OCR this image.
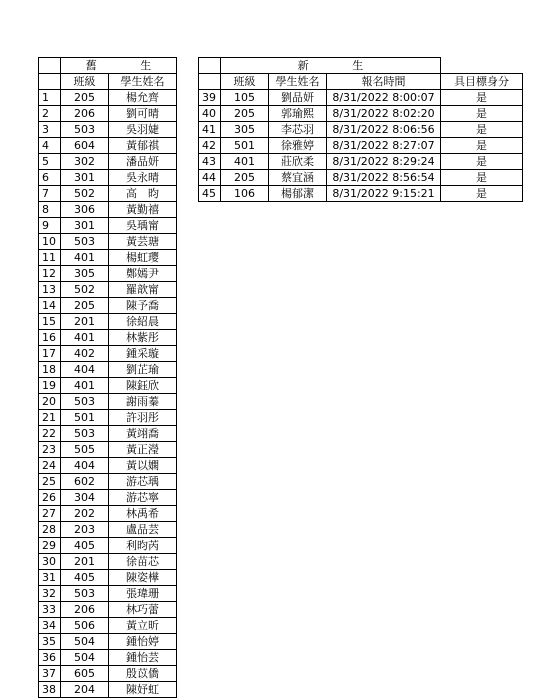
	舊 生	
	班級	學生姓名
1	205	楊允齊
2	206	劉可晴
3	503	吳羽婕
4	604	黃郁祺
5	302	潘品妍
6	301	吳永晴
7	502	高　昀
8	306	黃勤禧
9	301	吳瑀甯
10	503	黃芸瑭
11	401	楊虹璎
12	305	鄭嫣尹
13	502	羅歆甯
14	205	陳予喬
15	201	徐紹晨
16	401	林紫彤
17	402	鍾采璇
18	404	劉芷瑜
19	401	陳鈺欣
20	503	謝雨蓁
21	501	許羽彤
22	503	黃翊喬
23	505	黃正瀅
24	404	黃以嫻
25	602	游芯瑀
26	304	游芯寧
27	202	林禹希
28	203	盧品芸
29	405	利昀芮
30	201	徐苗芯
31	405	陳姿樺
32	503	張瑋珊
33	206	林巧蕾
34	506	黃立昕
35	504	鍾怡婷
36	504	鍾怡芸
37	605	殷苡僑
38	204	陳妤虹
	新 生			
	班級	學生姓名	報名時間	具目標身分
39	105	劉品妍	8/31/2022 8:00:07	是
40	205	郭瑜熙	8/31/2022 8:02:20	是
41	305	李芯羽	8/31/2022 8:06:56	是
42	501	徐雅婷	8/31/2022 8:27:07	是
43	401	莊欣柔	8/31/2022 8:29:24	是
44	205	蔡宜涵	8/31/2022 8:56:54	是
45	106	楊郁潔	8/31/2022 9:15:21	是
